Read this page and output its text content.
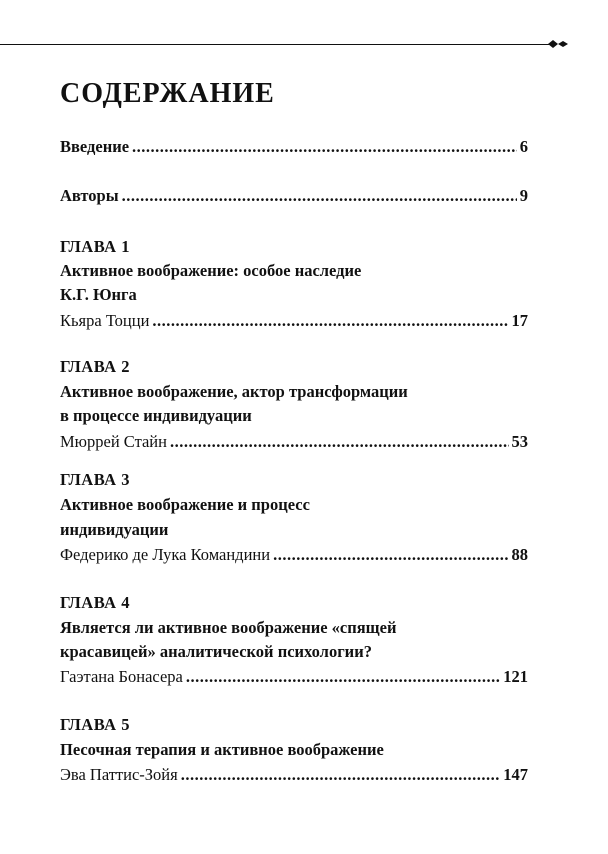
СОДЕРЖАНИЕ
Введение .....	6
Авторы .....	9
ГЛАВА 1
Активное воображение: особое наследие
К.Г. Юнга
Кьяра Тоцци .....	17
ГЛАВА 2
Активное воображение, актор трансформации
в процессе индивидуации
Мюррей Стайн .....	53
ГЛАВА 3
Активное воображение и процесс
индивидуации
Федерико де Лука Командини .....	88
ГЛАВА 4
Является ли активное воображение «спящей
красавицей» аналитической психологии?
Гаэтана Бонасера .....	121
ГЛАВА 5
Песочная терапия и активное воображение
Эва Паттис-Зойя .....	147
